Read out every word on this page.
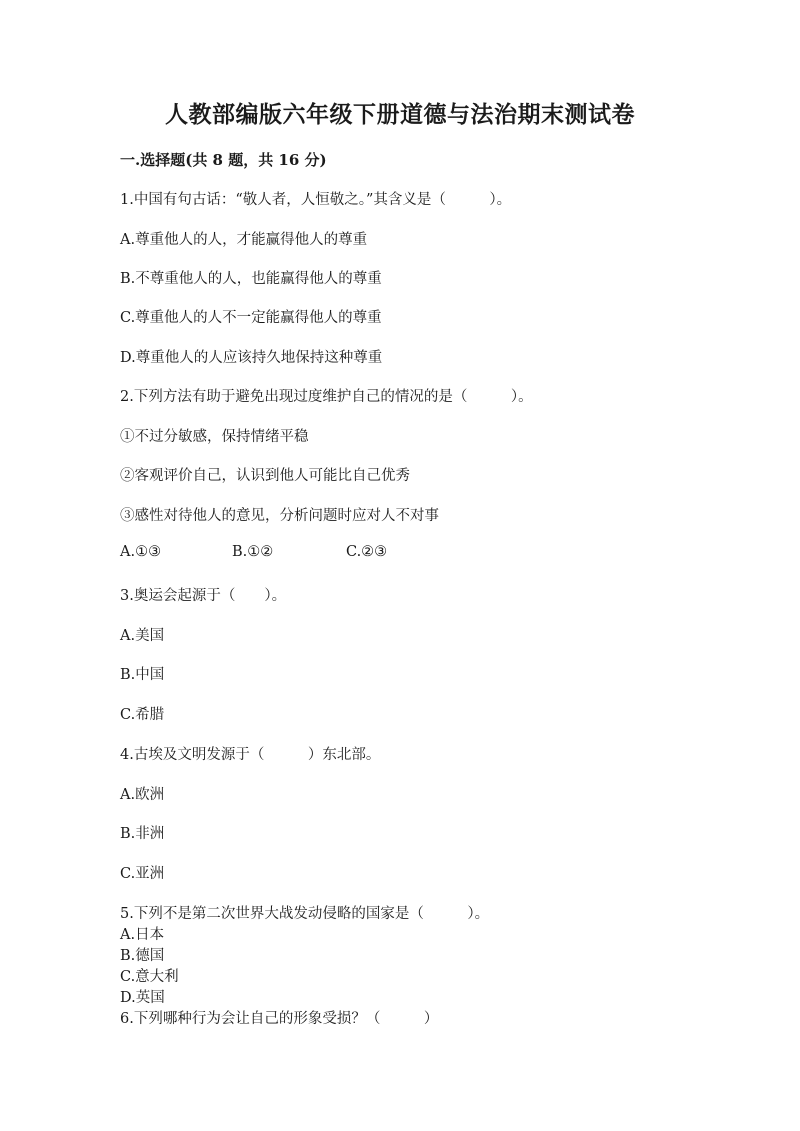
人教部编版六年级下册道德与法治期末测试卷
一.选择题(共 8 题，共 16 分)
1.中国有句古话：“敬人者，人恒敬之。”其含义是（　　　）。
A.尊重他人的人，才能赢得他人的尊重
B.不尊重他人的人，也能赢得他人的尊重
C.尊重他人的人不一定能赢得他人的尊重
D.尊重他人的人应该持久地保持这种尊重
2.下列方法有助于避免出现过度维护自己的情况的是（　　　）。
①不过分敏感，保持情绪平稳
②客观评价自己，认识到他人可能比自己优秀
③感性对待他人的意见，分析问题时应对人不对事
A.①③	B.①②	C.②③
3.奥运会起源于（　　）。
A.美国
B.中国
C.希腊
4.古埃及文明发源于（　　　）东北部。
A.欧洲
B.非洲
C.亚洲
5.下列不是第二次世界大战发动侵略的国家是（　　　）。
A.日本
B.德国
C.意大利
D.英国
6.下列哪种行为会让自己的形象受损？（　　　）
